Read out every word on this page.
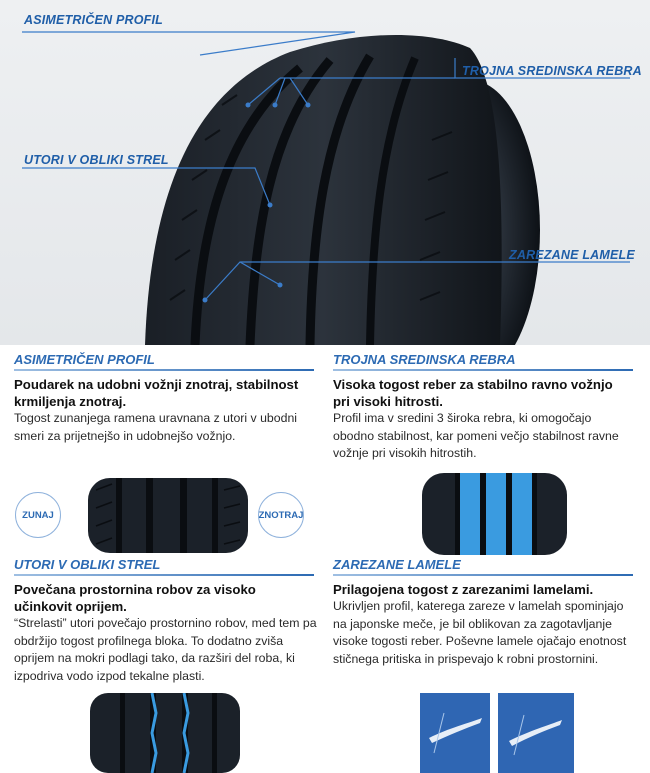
ASIMETRIČEN PROFIL
TROJNA SREDINSKA REBRA
UTORI V OBLIKI STREL
ZAREZANE LAMELE
ASIMETRIČEN PROFIL
Poudarek na udobni vožnji znotraj, stabilnost krmiljenja znotraj.
Togost zunanjega ramena uravnana z utori v ubodni smeri za prijetnejšo in udobnejšo vožnjo.
TROJNA SREDINSKA REBRA
Visoka togost reber za stabilno ravno vožnjo pri visoki hitrosti.
Profil ima v sredini 3 široka rebra, ki omogočajo obodno stabilnost, kar pomeni večjo stabilnost ravne vožnje pri visokih hitrostih.
ZUNAJ	ZNOTRAJ
UTORI V OBLIKI STREL
Povečana prostornina robov za visoko učinkovit oprijem.
“Strelasti” utori povečajo prostornino robov, med tem pa obdržijo togost profilnega bloka. To dodatno zviša oprijem na mokri podlagi tako, da razširi del roba, ki izpodriva vodo izpod tekalne plasti.
ZAREZANE LAMELE
Prilagojena togost z zarezanimi lamelami.
Ukrivljen profil, katerega zareze v lamelah spominjajo na japonske meče, je bil oblikovan za zagotavljanje visoke togosti reber. Poševne lamele ojačajo enotnost stičnega pritiska in prispevajo k robni prostornini.
